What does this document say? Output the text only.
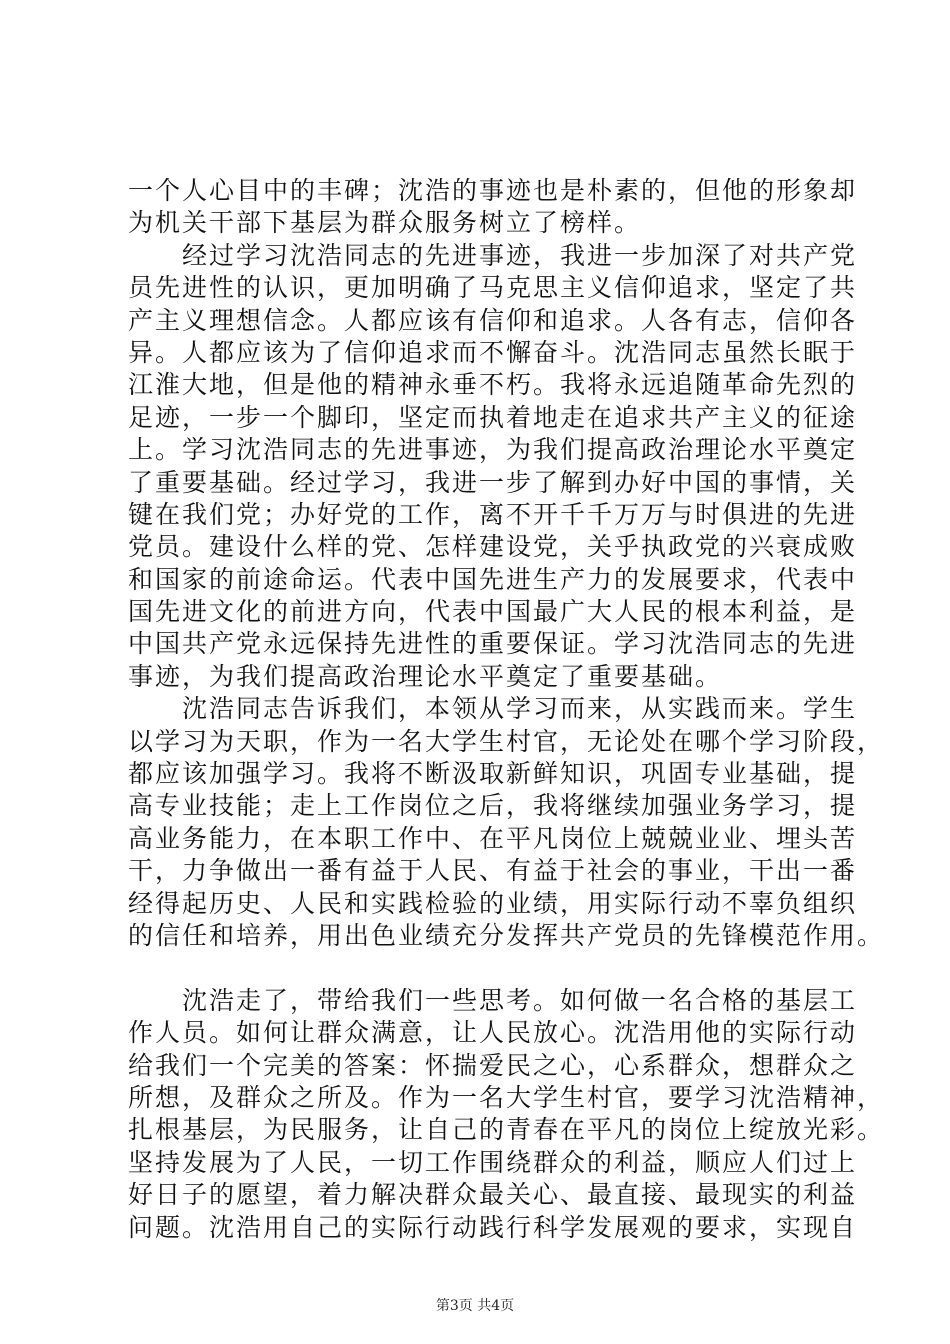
一个人心目中的丰碑；沈浩的事迹也是朴素的，但他的形象却
为机关干部下基层为群众服务树立了榜样。
　　经过学习沈浩同志的先进事迹，我进一步加深了对共产党
员先进性的认识，更加明确了马克思主义信仰追求，坚定了共
产主义理想信念。人都应该有信仰和追求。人各有志，信仰各
异。人都应该为了信仰追求而不懈奋斗。沈浩同志虽然长眠于
江淮大地，但是他的精神永垂不朽。我将永远追随革命先烈的
足迹，一步一个脚印，坚定而执着地走在追求共产主义的征途
上。学习沈浩同志的先进事迹，为我们提高政治理论水平奠定
了重要基础。经过学习，我进一步了解到办好中国的事情，关
键在我们党；办好党的工作，离不开千千万万与时俱进的先进
党员。建设什么样的党、怎样建设党，关乎执政党的兴衰成败
和国家的前途命运。代表中国先进生产力的发展要求，代表中
国先进文化的前进方向，代表中国最广大人民的根本利益，是
中国共产党永远保持先进性的重要保证。学习沈浩同志的先进
事迹，为我们提高政治理论水平奠定了重要基础。
　　沈浩同志告诉我们，本领从学习而来，从实践而来。学生
以学习为天职，作为一名大学生村官，无论处在哪个学习阶段，
都应该加强学习。我将不断汲取新鲜知识，巩固专业基础，提
高专业技能；走上工作岗位之后，我将继续加强业务学习，提
高业务能力，在本职工作中、在平凡岗位上兢兢业业、埋头苦
干，力争做出一番有益于人民、有益于社会的事业，干出一番
经得起历史、人民和实践检验的业绩，用实际行动不辜负组织
的信任和培养，用出色业绩充分发挥共产党员的先锋模范作用。
　　沈浩走了，带给我们一些思考。如何做一名合格的基层工
作人员。如何让群众满意，让人民放心。沈浩用他的实际行动
给我们一个完美的答案：怀揣爱民之心，心系群众，想群众之
所想，及群众之所及。作为一名大学生村官，要学习沈浩精神，
扎根基层，为民服务，让自己的青春在平凡的岗位上绽放光彩。
坚持发展为了人民，一切工作围绕群众的利益，顺应人们过上
好日子的愿望，着力解决群众最关心、最直接、最现实的利益
问题。沈浩用自己的实际行动践行科学发展观的要求，实现自
第3页 共4页
